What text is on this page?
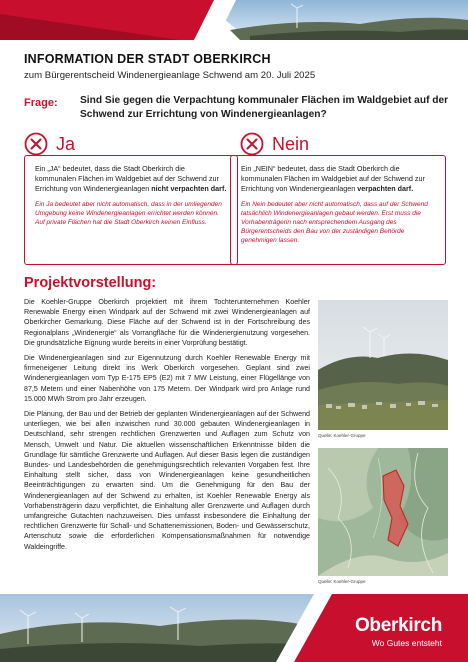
INFORMATION DER STADT OBERKIRCH
zum Bürgerentscheid Windenergieanlage Schwend am 20. Juli 2025
Frage: Sind Sie gegen die Verpachtung kommunaler Flächen im Waldgebiet auf der Schwend zur Errichtung von Windenergieanlagen?
Ja
Ein „JA“ bedeutet, dass die Stadt Oberkirch die kommunalen Flächen im Waldgebiet auf der Schwend zur Errichtung von Windenergieanlagen nicht verpachten darf.
Ein Ja bedeutet aber nicht automatisch, dass in der umliegenden Umgebung keine Windenergieanlagen errichtet werden können. Auf private Flächen hat die Stadt Oberkirch keinen Einfluss.
Nein
Ein „NEIN“ bedeutet, dass die Stadt Oberkirch die kommunalen Flächen im Waldgebiet auf der Schwend zur Errichtung von Windenergieanlagen verpachten darf.
Ein Nein bedeutet aber nicht automatisch, dass auf der Schwend tatsächlich Windenergieanlagen gebaut werden. Erst muss die Vorhabenträgerin nach entsprechendem Ausgang des Bürgerentscheids den Bau von der zuständigen Behörde genehmigen lassen.
Projektvorstellung:

Die Koehler-Gruppe Oberkirch projektiert mit ihrem Tochterunternehmen Koehler Renewable Energy einen Windpark auf der Schwend mit zwei Windenergieanlagen auf Oberkircher Gemarkung. Diese Fläche auf der Schwend ist in der Fortschreibung des Regionalplans „Windenergie“ als Vorrangfläche für die Windenergienutzung vorgesehen. Die grundsätzliche Eignung wurde bereits in einer Vorprüfung bestätigt.

Die Windenergieanlagen sind zur Eigennutzung durch Koehler Renewable Energy mit firmeneigener Leitung direkt ins Werk Oberkirch vorgesehen. Geplant sind zwei Windenergieanlagen vom Typ E-175 EP5 (E2) mit 7 MW Leistung, einer Flügellänge von 87,5 Metern und einer Nabenhöhe von 175 Metern. Der Windpark wird pro Anlage rund 15.000 MWh Strom pro Jahr erzeugen.

Die Planung, der Bau und der Betrieb der geplanten Windenergieanlagen auf der Schwend unterliegen, wie bei allen inzwischen rund 30.000 gebauten Windenergieanlagen in Deutschland, sehr strengen rechtlichen Grenzwerten und Auflagen zum Schutz von Mensch, Umwelt und Natur. Die aktuellen wissenschaftlichen Erkenntnisse bilden die Grundlage für sämtliche Grenzwerte und Auflagen. Auf dieser Basis legen die zuständigen Bundes- und Landesbehörden die genehmigungsrechtlich relevanten Vorgaben fest. Ihre Einhaltung stellt sicher, dass von Windenergieanlagen keine gesundheitlichen Beeinträchtigungen zu erwarten sind. Um die Genehmigung für den Bau der Windenergieanlagen auf der Schwend zu erhalten, ist Koehler Renewable Energy als Vorhabensträgerin dazu verpflichtet, die Einhaltung aller Grenzwerte und Auflagen durch umfangreiche Gutachten nachzuweisen. Dies umfasst insbesondere die Einhaltung der rechtlichen Grenzwerte für Schall- und Schattenemissionen, Boden- und Gewässerschutz, Artenschutz sowie die erforderlichen Kompensationsmaßnahmen für notwendige Waldeingriffe.

Quelle: Koehler-Gruppe
Quelle: Koehler-Gruppe
Oberkirch
Wo Gutes entsteht
